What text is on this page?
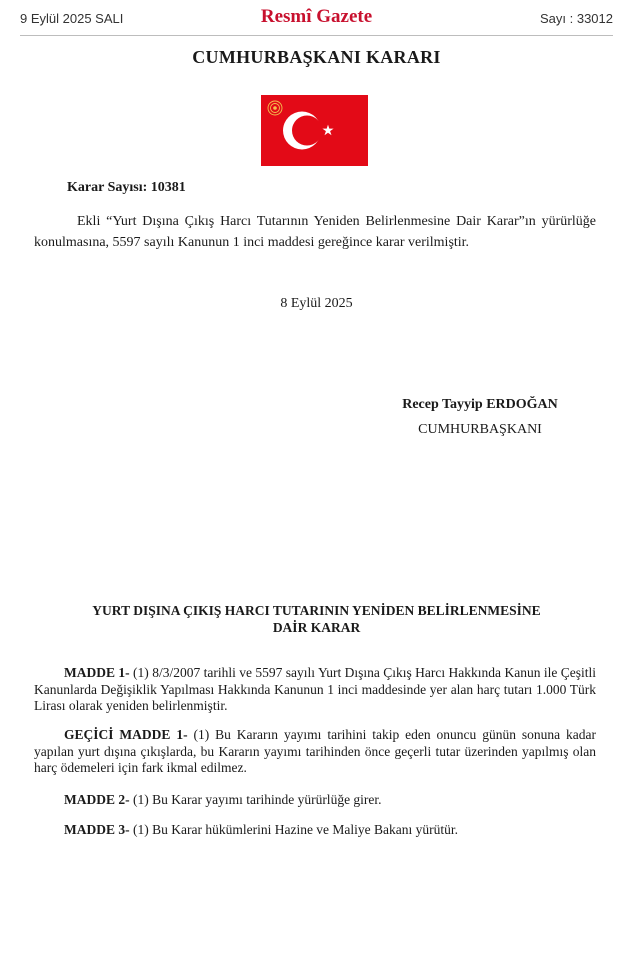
9 Eylül 2025 SALI	Resmî Gazete	Sayı : 33012
CUMHURBAŞKANI KARARI
Karar Sayısı: 10381

Ekli “Yurt Dışına Çıkış Harcı Tutarının Yeniden Belirlenmesine Dair Karar”ın yürürlüğe konulmasına, 5597 sayılı Kanunun 1 inci maddesi gereğince karar verilmiştir.

8 Eylül 2025
Recep Tayyip ERDOĞAN
CUMHURBAŞKANI

YURT DIŞINA ÇIKIŞ HARCI TUTARININ YENİDEN BELİRLENMESİNE
DAİR KARAR

MADDE 1- (1) 8/3/2007 tarihli ve 5597 sayılı Yurt Dışına Çıkış Harcı Hakkında Kanun ile Çeşitli Kanunlarda Değişiklik Yapılması Hakkında Kanunun 1 inci maddesinde yer alan harç tutarı 1.000 Türk Lirası olarak yeniden belirlenmiştir.

GEÇİCİ MADDE 1- (1) Bu Kararın yayımı tarihini takip eden onuncu günün sonuna kadar yapılan yurt dışına çıkışlarda, bu Kararın yayımı tarihinden önce geçerli tutar üzerinden yapılmış olan harç ödemeleri için fark ikmal edilmez.

MADDE 2- (1) Bu Karar yayımı tarihinde yürürlüğe girer.

MADDE 3- (1) Bu Karar hükümlerini Hazine ve Maliye Bakanı yürütür.
